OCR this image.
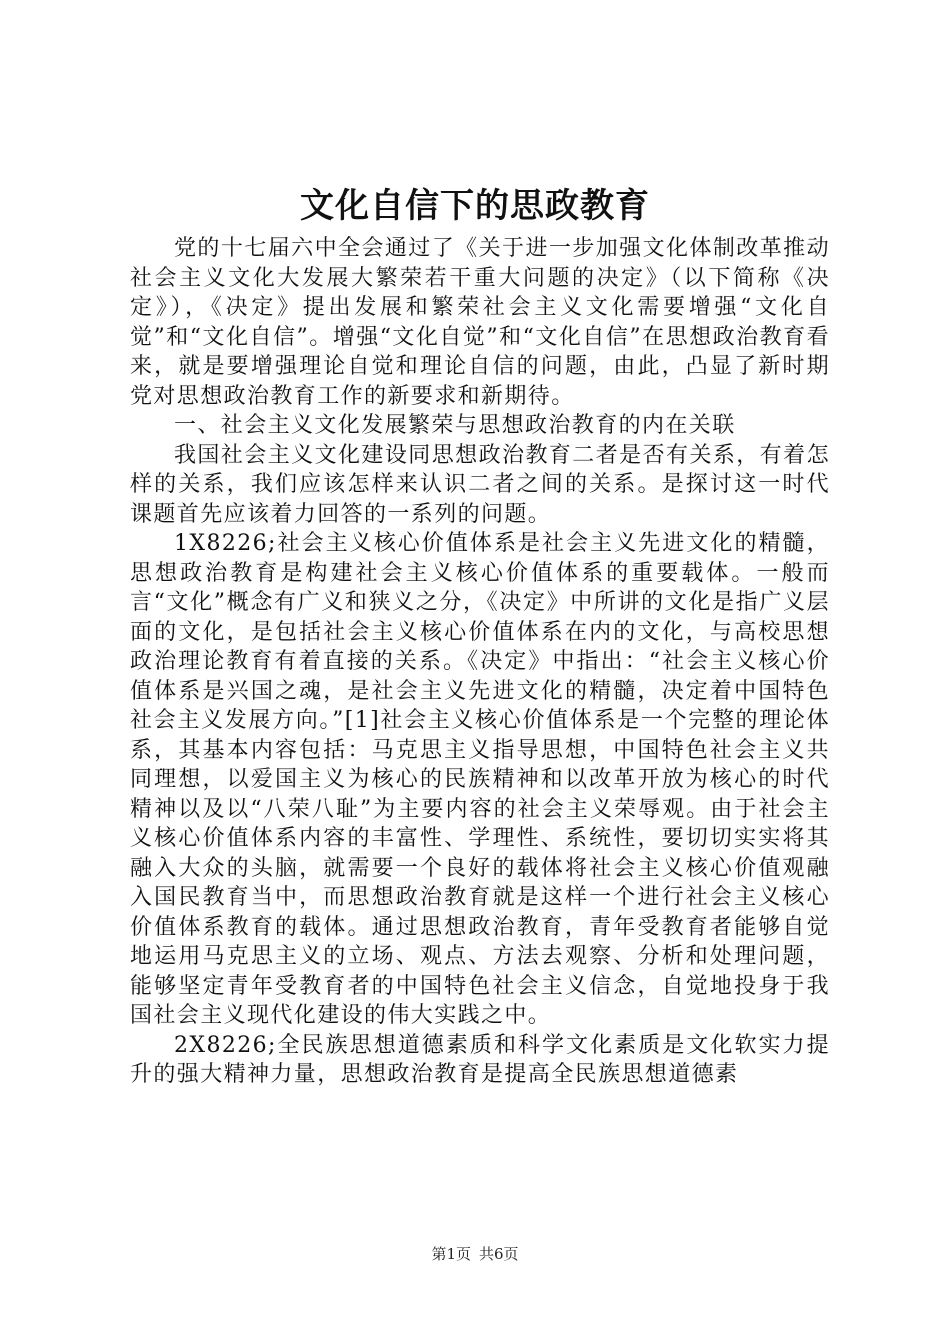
文化自信下的思政教育

党的十七届六中全会通过了《关于进一步加强文化体制改革推动社会主义文化大发展大繁荣若干重大问题的决定》（以下简称《决定》），《决定》提出发展和繁荣社会主义文化需要增强“文化自觉”和“文化自信”。增强“文化自觉”和“文化自信”在思想政治教育看来，就是要增强理论自觉和理论自信的问题，由此，凸显了新时期党对思想政治教育工作的新要求和新期待。

一、社会主义文化发展繁荣与思想政治教育的内在关联

我国社会主义文化建设同思想政治教育二者是否有关系，有着怎样的关系，我们应该怎样来认识二者之间的关系。是探讨这一时代课题首先应该着力回答的一系列的问题。

1X8226;社会主义核心价值体系是社会主义先进文化的精髓，思想政治教育是构建社会主义核心价值体系的重要载体。一般而言“文化”概念有广义和狭义之分，《决定》中所讲的文化是指广义层面的文化，是包括社会主义核心价值体系在内的文化，与高校思想政治理论教育有着直接的关系。《决定》中指出：“社会主义核心价值体系是兴国之魂，是社会主义先进文化的精髓，决定着中国特色社会主义发展方向。”[1]社会主义核心价值体系是一个完整的理论体系，其基本内容包括：马克思主义指导思想，中国特色社会主义共同理想，以爱国主义为核心的民族精神和以改革开放为核心的时代精神以及以“八荣八耻”为主要内容的社会主义荣辱观。由于社会主义核心价值体系内容的丰富性、学理性、系统性，要切切实实将其融入大众的头脑，就需要一个良好的载体将社会主义核心价值观融入国民教育当中，而思想政治教育就是这样一个进行社会主义核心价值体系教育的载体。通过思想政治教育，青年受教育者能够自觉地运用马克思主义的立场、观点、方法去观察、分析和处理问题，能够坚定青年受教育者的中国特色社会主义信念，自觉地投身于我国社会主义现代化建设的伟大实践之中。

2X8226;全民族思想道德素质和科学文化素质是文化软实力提升的强大精神力量，思想政治教育是提高全民族思想道德素

第1页 共6页
